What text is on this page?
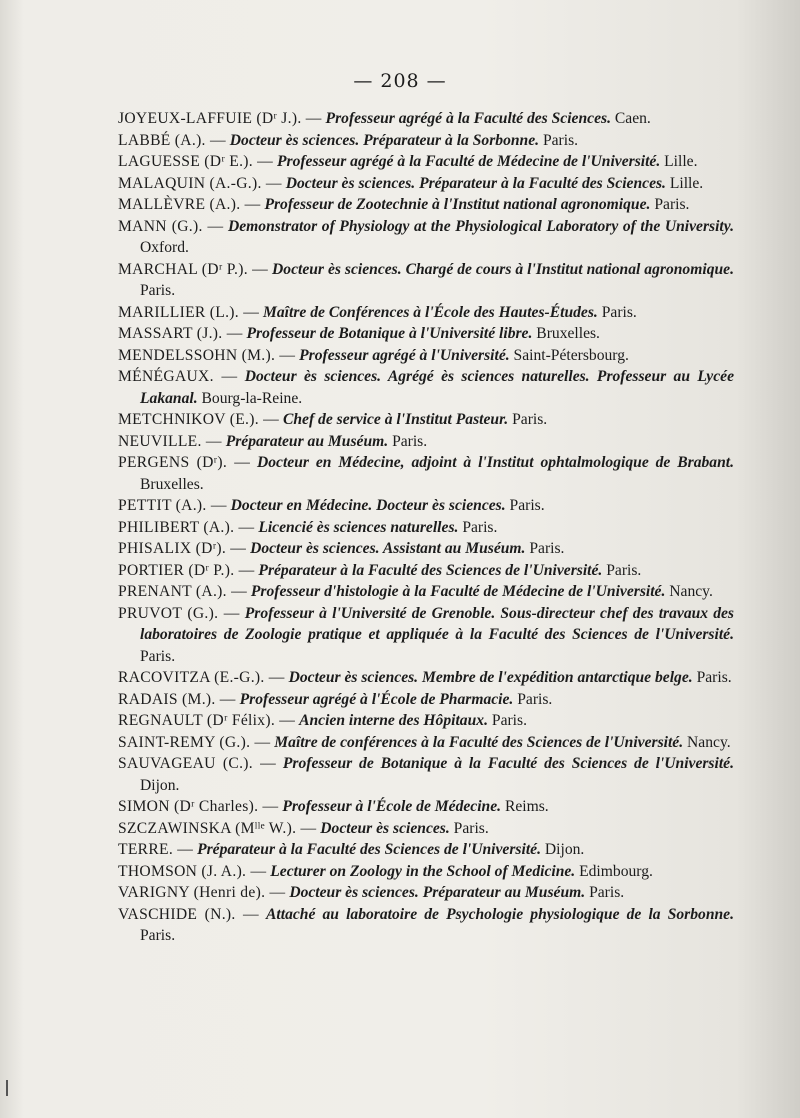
— 208 —

JOYEUX-LAFFUIE (Dʳ J.). — Professeur agrégé à la Faculté des Sciences. Caen.

LABBÉ (A.). — Docteur ès sciences. Préparateur à la Sorbonne. Paris.

LAGUESSE (Dʳ E.). — Professeur agrégé à la Faculté de Médecine de l'Université. Lille.

MALAQUIN (A.-G.). — Docteur ès sciences. Préparateur à la Faculté des Sciences. Lille.

MALLÈVRE (A.). — Professeur de Zootechnie à l'Institut national agronomique. Paris.

MANN (G.). — Demonstrator of Physiology at the Physiological Laboratory of the University. Oxford.

MARCHAL (Dʳ P.). — Docteur ès sciences. Chargé de cours à l'Institut national agronomique. Paris.

MARILLIER (L.). — Maître de Conférences à l'École des Hautes-Études. Paris.

MASSART (J.). — Professeur de Botanique à l'Université libre. Bruxelles.

MENDELSSOHN (M.). — Professeur agrégé à l'Université. Saint-Pétersbourg.

MÉNÉGAUX. — Docteur ès sciences. Agrégé ès sciences naturelles. Professeur au Lycée Lakanal. Bourg-la-Reine.

METCHNIKOV (E.). — Chef de service à l'Institut Pasteur. Paris.

NEUVILLE. — Préparateur au Muséum. Paris.

PERGENS (Dʳ). — Docteur en Médecine, adjoint à l'Institut ophtalmologique de Brabant. Bruxelles.

PETTIT (A.). — Docteur en Médecine. Docteur ès sciences. Paris.

PHILIBERT (A.). — Licencié ès sciences naturelles. Paris.

PHISALIX (Dʳ). — Docteur ès sciences. Assistant au Muséum. Paris.

PORTIER (Dʳ P.). — Préparateur à la Faculté des Sciences de l'Université. Paris.

PRENANT (A.). — Professeur d'histologie à la Faculté de Médecine de l'Université. Nancy.

PRUVOT (G.). — Professeur à l'Université de Grenoble. Sous-directeur chef des travaux des laboratoires de Zoologie pratique et appliquée à la Faculté des Sciences de l'Université. Paris.

RACOVITZA (E.-G.). — Docteur ès sciences. Membre de l'expédition antarctique belge. Paris.

RADAIS (M.). — Professeur agrégé à l'École de Pharmacie. Paris.

REGNAULT (Dʳ Félix). — Ancien interne des Hôpitaux. Paris.

SAINT-REMY (G.). — Maître de conférences à la Faculté des Sciences de l'Université. Nancy.

SAUVAGEAU (C.). — Professeur de Botanique à la Faculté des Sciences de l'Université. Dijon.

SIMON (Dʳ Charles). — Professeur à l'École de Médecine. Reims.

SZCZAWINSKA (Mˡˡᵉ W.). — Docteur ès sciences. Paris.

TERRE. — Préparateur à la Faculté des Sciences de l'Université. Dijon.

THOMSON (J. A.). — Lecturer on Zoology in the School of Medicine. Edimbourg.

VARIGNY (Henri de). — Docteur ès sciences. Préparateur au Muséum. Paris.

VASCHIDE (N.). — Attaché au laboratoire de Psychologie physiologique de la Sorbonne. Paris.
